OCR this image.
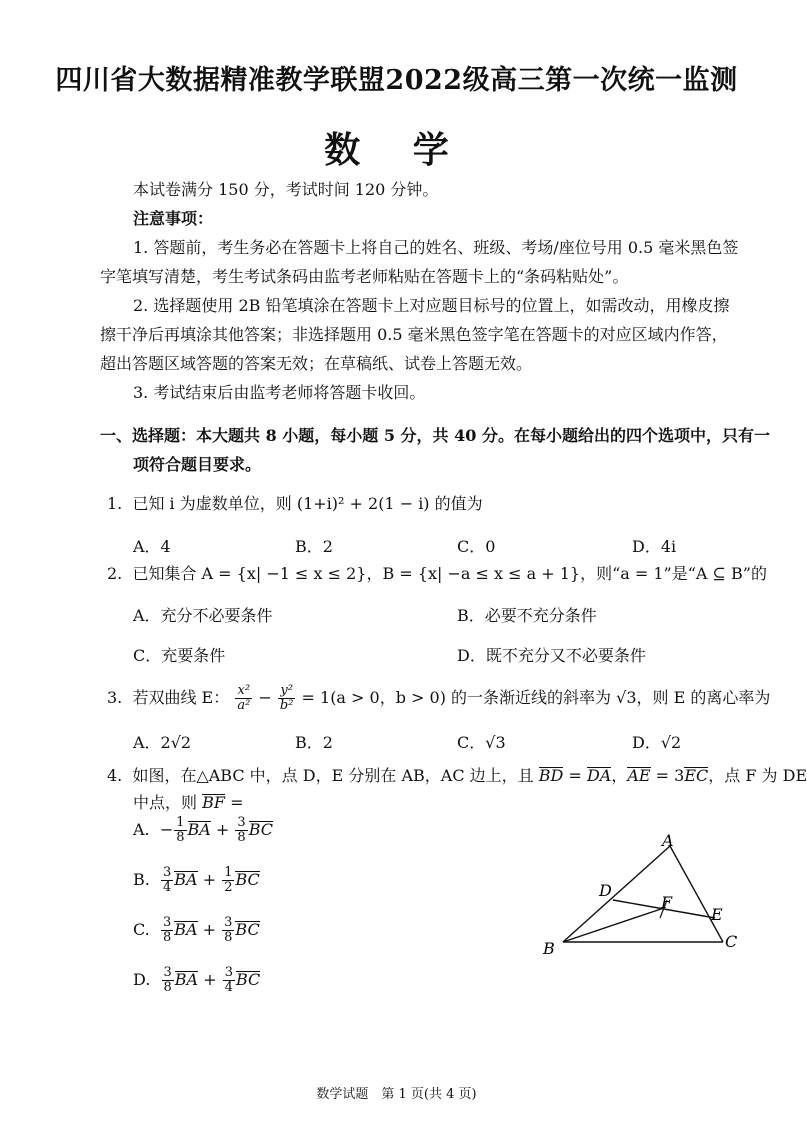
四川省大数据精准教学联盟2022级高三第一次统一监测
数 学
本试卷满分 150 分，考试时间 120 分钟。
注意事项：
1. 答题前，考生务必在答题卡上将自己的姓名、班级、考场/座位号用 0.5 毫米黑色签
字笔填写清楚，考生考试条码由监考老师粘贴在答题卡上的“条码粘贴处”。
2. 选择题使用 2B 铅笔填涂在答题卡上对应题目标号的位置上，如需改动，用橡皮擦
擦干净后再填涂其他答案；非选择题用 0.5 毫米黑色签字笔在答题卡的对应区域内作答，
超出答题区域答题的答案无效；在草稿纸、试卷上答题无效。
3. 考试结束后由监考老师将答题卡收回。
一、选择题：本大题共 8 小题，每小题 5 分，共 40 分。在每小题给出的四个选项中，只有一
项符合题目要求。
1. 已知 i 为虚数单位，则 (1+i)² + 2(1 − i) 的值为
A．4	B．2	C．0	D．4i
2. 已知集合 A = {x| −1 ≤ x ≤ 2}，B = {x| −a ≤ x ≤ a + 1}，则“a = 1”是“A ⊆ B”的
A．充分不必要条件	B．必要不充分条件
C．充要条件	D．既不充分又不必要条件
3. 若双曲线 E： $\frac{\text{x²}}{\text{a²}} - \frac{\text{y²}}{\text{b²}} = 1(a > 0$，b > 0) 的一条渐近线的斜率为 √3，则 E 的离心率为
A．2√2	B．2	C．√3	D．√2
4. 如图，在△ABC 中，点 D，E 分别在 AB，AC 边上，且 BD = DA，AE = 3EC，点 F 为 DE
中点，则 BF =
A. − $\frac{1}{8}$ BA + $\frac{3}{8}$ BC
B. $\frac{3}{4}$ BA + $\frac{1}{2}$ BC
C. $\frac{3}{8}$ BA + $\frac{3}{8}$ BC
D. $\frac{3}{8}$ BA + $\frac{3}{4}$ BC
A
B	C
D
E
F
数学试题　第 1 页(共 4 页)
